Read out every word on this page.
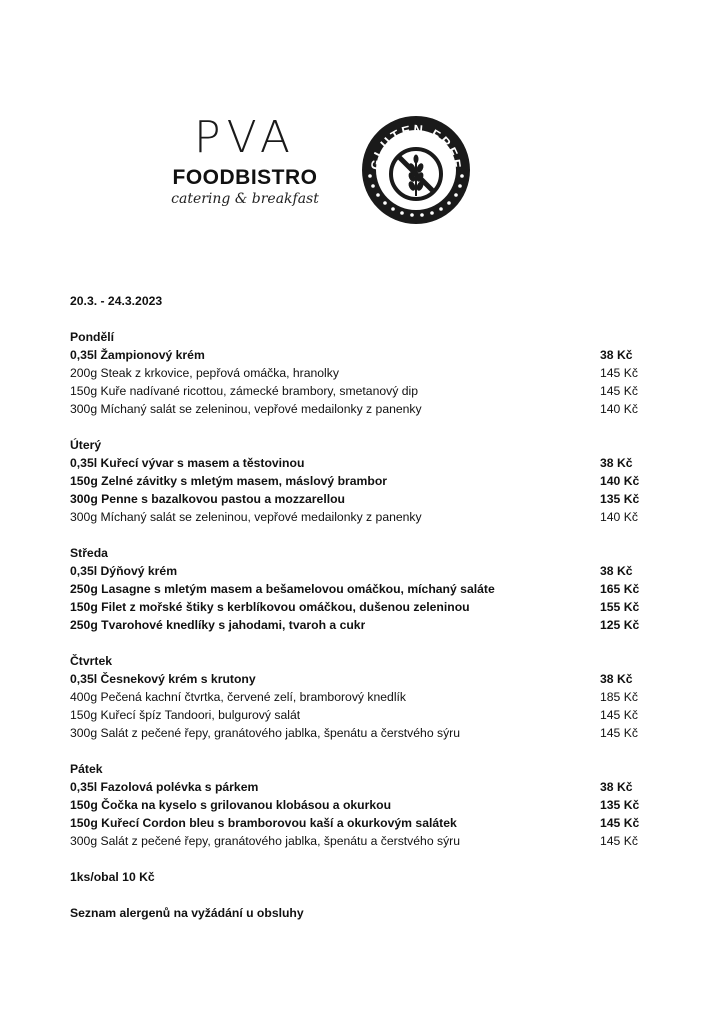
PVA
FOODBISTRO
catering & breakfast
GLUTEN FREE
20.3. - 24.3.2023
Pondělí
0,35l Žampionový krém	38 Kč
200g Steak z krkovice, pepřová omáčka, hranolky	145 Kč
150g Kuře nadívané ricottou, zámecké brambory, smetanový dip	145 Kč
300g Míchaný salát se zeleninou, vepřové medailonky z panenky	140 Kč
Úterý
0,35l Kuřecí vývar s masem a těstovinou	38 Kč
150g Zelné závitky s mletým masem, máslový brambor	140 Kč
300g Penne s bazalkovou pastou a mozzarellou	135 Kč
300g Míchaný salát se zeleninou, vepřové medailonky z panenky	140 Kč
Středa
0,35l Dýňový krém	38 Kč
250g Lasagne s mletým masem a bešamelovou omáčkou, míchaný saláte	165 Kč
150g Filet z mořské štiky s kerblíkovou omáčkou, dušenou zeleninou	155 Kč
250g Tvarohové knedlíky s jahodami, tvaroh a cukr	125 Kč
Čtvrtek
0,35l Česnekový krém s krutony	38 Kč
400g Pečená kachní čtvrtka, červené zelí, bramborový knedlík	185 Kč
150g Kuřecí špíz Tandoori, bulgurový salát	145 Kč
300g Salát z pečené řepy, granátového jablka, špenátu a čerstvého sýru	145 Kč
Pátek
0,35l Fazolová polévka s párkem	38 Kč
150g Čočka na kyselo s grilovanou klobásou a okurkou	135 Kč
150g Kuřecí Cordon bleu s bramborovou kaší a okurkovým salátek	145 Kč
300g Salát z pečené řepy, granátového jablka, špenátu a čerstvého sýru	145 Kč
1ks/obal 10 Kč
Seznam alergenů na vyžádání u obsluhy
